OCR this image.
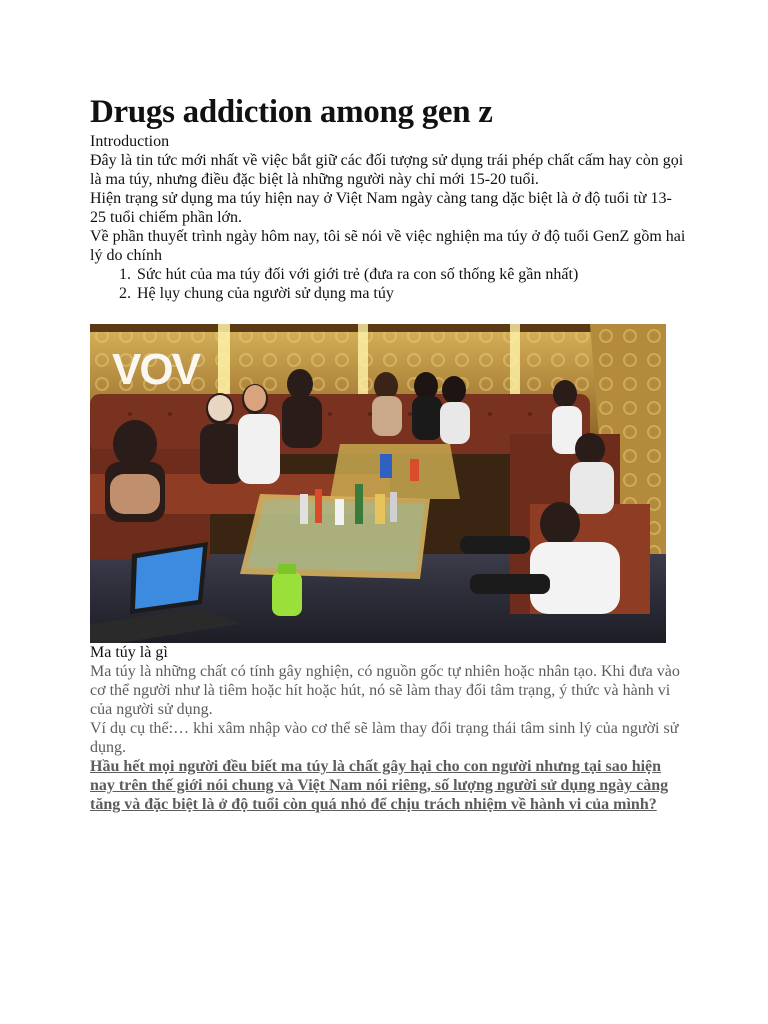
Drugs addiction among gen z

Introduction

Đây là tin tức mới nhất về việc bắt giữ các đối tượng sử dụng trái phép chất cấm hay còn gọi là ma túy, nhưng điều đặc biệt là những người này chỉ mới 15-20 tuổi.

Hiện trạng sử dụng ma túy hiện nay ở Việt Nam ngày càng tang dặc biệt là ở độ tuổi từ 13-25 tuổi chiếm phần lớn.

Về phần thuyết trình ngày hôm nay, tôi sẽ nói về việc nghiện ma túy ở độ tuổi GenZ gồm hai lý do chính

1. Sức hút của ma túy đối với giới trẻ (đưa ra con số thống kê gần nhất)
2. Hệ lụy chung của người sử dụng ma túy
VOV

Ma túy là gì

Ma túy là những chất có tính gây nghiện, có nguồn gốc tự nhiên hoặc nhân tạo. Khi đưa vào cơ thể người như là tiêm hoặc hít hoặc hút, nó sẽ làm thay đổi tâm trạng, ý thức và hành vi của người sử dụng.

Ví dụ cụ thể:… khi xâm nhập vào cơ thể sẽ làm thay đổi trạng thái tâm sinh lý của người sử dụng.

Hầu hết mọi người đều biết ma túy là chất gây hại cho con người nhưng tại sao hiện nay trên thế giới nói chung và Việt Nam nói riêng, số lượng người sử dụng ngày càng tăng và đặc biệt là ở độ tuổi còn quá nhỏ để chịu trách nhiệm về hành vi của mình?
